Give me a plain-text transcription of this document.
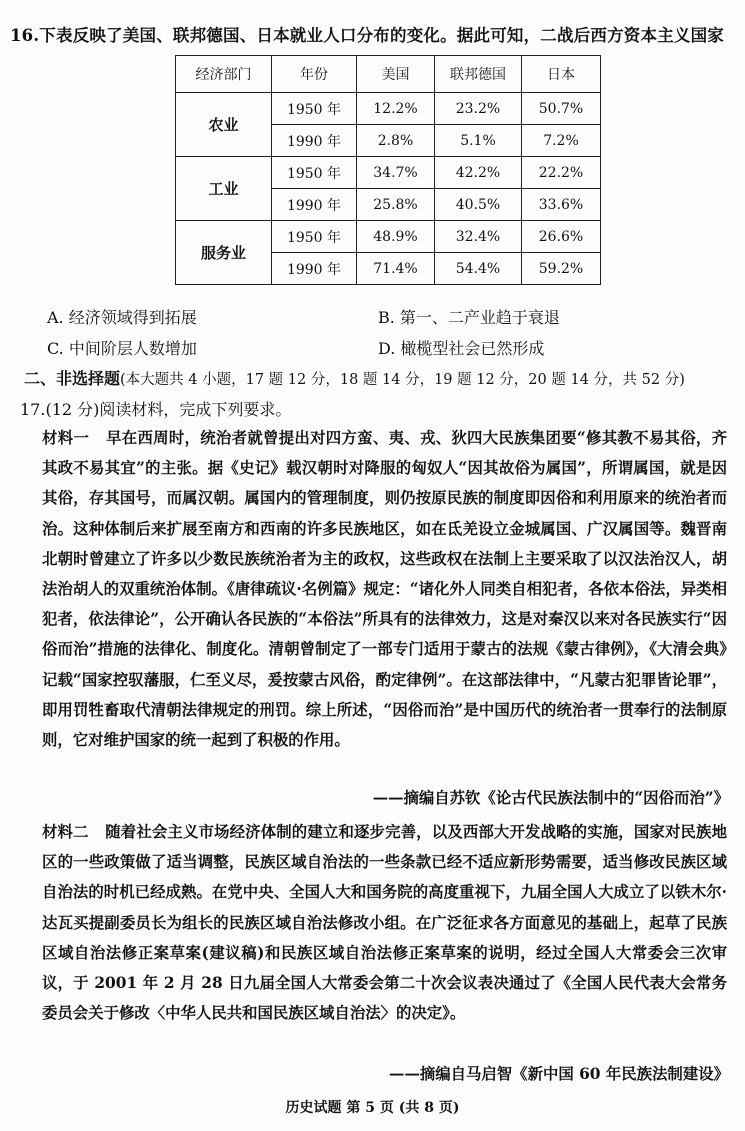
16.下表反映了美国、联邦德国、日本就业人口分布的变化。据此可知，二战后西方资本主义国家
经济部门	年份	美国	联邦德国	日本
农业	1950 年	12.2%	23.2%	50.7%
	1990 年	2.8%	5.1%	7.2%
工业	1950 年	34.7%	42.2%	22.2%
	1990 年	25.8%	40.5%	33.6%
服务业	1950 年	48.9%	32.4%	26.6%
	1990 年	71.4%	54.4%	59.2%
A. 经济领域得到拓展	B. 第一、二产业趋于衰退
C. 中间阶层人数增加	D. 橄榄型社会已然形成
二、非选择题(本大题共 4 小题，17 题 12 分，18 题 14 分，19 题 12 分，20 题 14 分，共 52 分)
17.(12 分)阅读材料，完成下列要求。
材料一 早在西周时，统治者就曾提出对四方蛮、夷、戎、狄四大民族集团要“修其教不易其俗，齐其政不易其宜”的主张。据《史记》载汉朝时对降服的匈奴人“因其故俗为属国”，所谓属国，就是因其俗，存其国号，而属汉朝。属国内的管理制度，则仍按原民族的制度即因俗和利用原来的统治者而治。这种体制后来扩展至南方和西南的许多民族地区，如在氐羌设立金城属国、广汉属国等。魏晋南北朝时曾建立了许多以少数民族统治者为主的政权，这些政权在法制上主要采取了以汉法治汉人，胡法治胡人的双重统治体制。《唐律疏议·名例篇》规定：“诸化外人同类自相犯者，各依本俗法，异类相犯者，依法律论”，公开确认各民族的“本俗法”所具有的法律效力，这是对秦汉以来对各民族实行“因俗而治”措施的法律化、制度化。清朝曾制定了一部专门适用于蒙古的法规《蒙古律例》，《大清会典》记载“国家控驭藩服，仁至义尽，爰按蒙古风俗，酌定律例”。在这部法律中，“凡蒙古犯罪皆论罪”，即用罚牲畜取代清朝法律规定的刑罚。综上所述，“因俗而治”是中国历代的统治者一贯奉行的法制原则，它对维护国家的统一起到了积极的作用。
——摘编自苏钦《论古代民族法制中的“因俗而治”》
材料二 随着社会主义市场经济体制的建立和逐步完善，以及西部大开发战略的实施，国家对民族地区的一些政策做了适当调整，民族区域自治法的一些条款已经不适应新形势需要，适当修改民族区域自治法的时机已经成熟。在党中央、全国人大和国务院的高度重视下，九届全国人大成立了以铁木尔·达瓦买提副委员长为组长的民族区域自治法修改小组。在广泛征求各方面意见的基础上，起草了民族区域自治法修正案草案(建议稿)和民族区域自治法修正案草案的说明，经过全国人大常委会三次审议，于 2001 年 2 月 28 日九届全国人大常委会第二十次会议表决通过了《全国人民代表大会常务委员会关于修改〈中华人民共和国民族区域自治法〉的决定》。
——摘编自马启智《新中国 60 年民族法制建设》
历史试题 第 5 页 (共 8 页)
